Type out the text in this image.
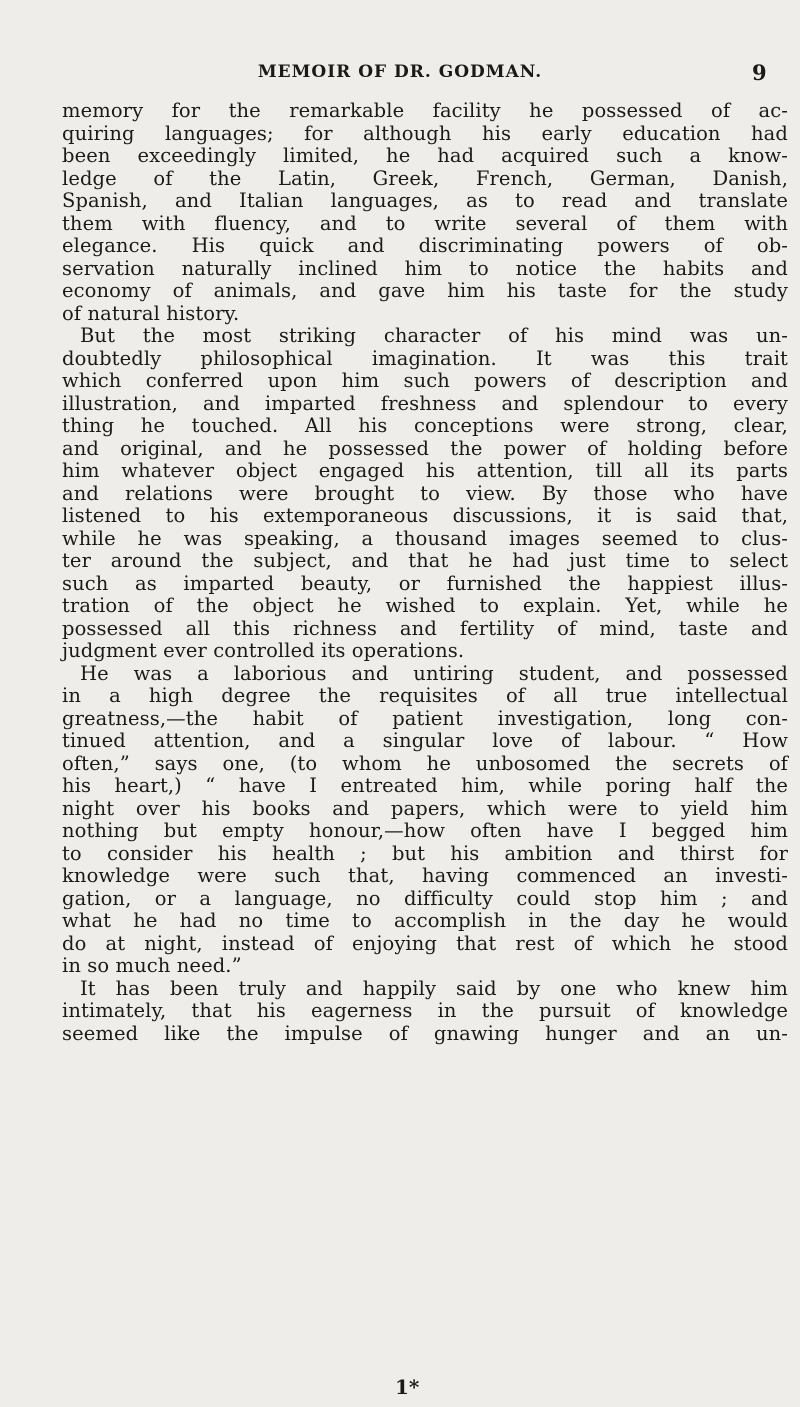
MEMOIR OF DR. GODMAN.	9
memory for the remarkable facility he possessed of ac-
quiring languages; for although his early education had
been exceedingly limited, he had acquired such a know-
ledge of the Latin, Greek, French, German, Danish,
Spanish, and Italian languages, as to read and translate
them with fluency, and to write several of them with
elegance. His quick and discriminating powers of ob-
servation naturally inclined him to notice the habits and
economy of animals, and gave him his taste for the study
of natural history.
But the most striking character of his mind was un-
doubtedly philosophical imagination. It was this trait
which conferred upon him such powers of description and
illustration, and imparted freshness and splendour to every
thing he touched. All his conceptions were strong, clear,
and original, and he possessed the power of holding before
him whatever object engaged his attention, till all its parts
and relations were brought to view. By those who have
listened to his extemporaneous discussions, it is said that,
while he was speaking, a thousand images seemed to clus-
ter around the subject, and that he had just time to select
such as imparted beauty, or furnished the happiest illus-
tration of the object he wished to explain. Yet, while he
possessed all this richness and fertility of mind, taste and
judgment ever controlled its operations.
He was a laborious and untiring student, and possessed
in a high degree the requisites of all true intellectual
greatness,—the habit of patient investigation, long con-
tinued attention, and a singular love of labour. “ How
often,” says one, (to whom he unbosomed the secrets of
his heart,) “ have I entreated him, while poring half the
night over his books and papers, which were to yield him
nothing but empty honour,—how often have I begged him
to consider his health ; but his ambition and thirst for
knowledge were such that, having commenced an investi-
gation, or a language, no difficulty could stop him ; and
what he had no time to accomplish in the day he would
do at night, instead of enjoying that rest of which he stood
in so much need.”
It has been truly and happily said by one who knew him
intimately, that his eagerness in the pursuit of knowledge
seemed like the impulse of gnawing hunger and an un-
1*
